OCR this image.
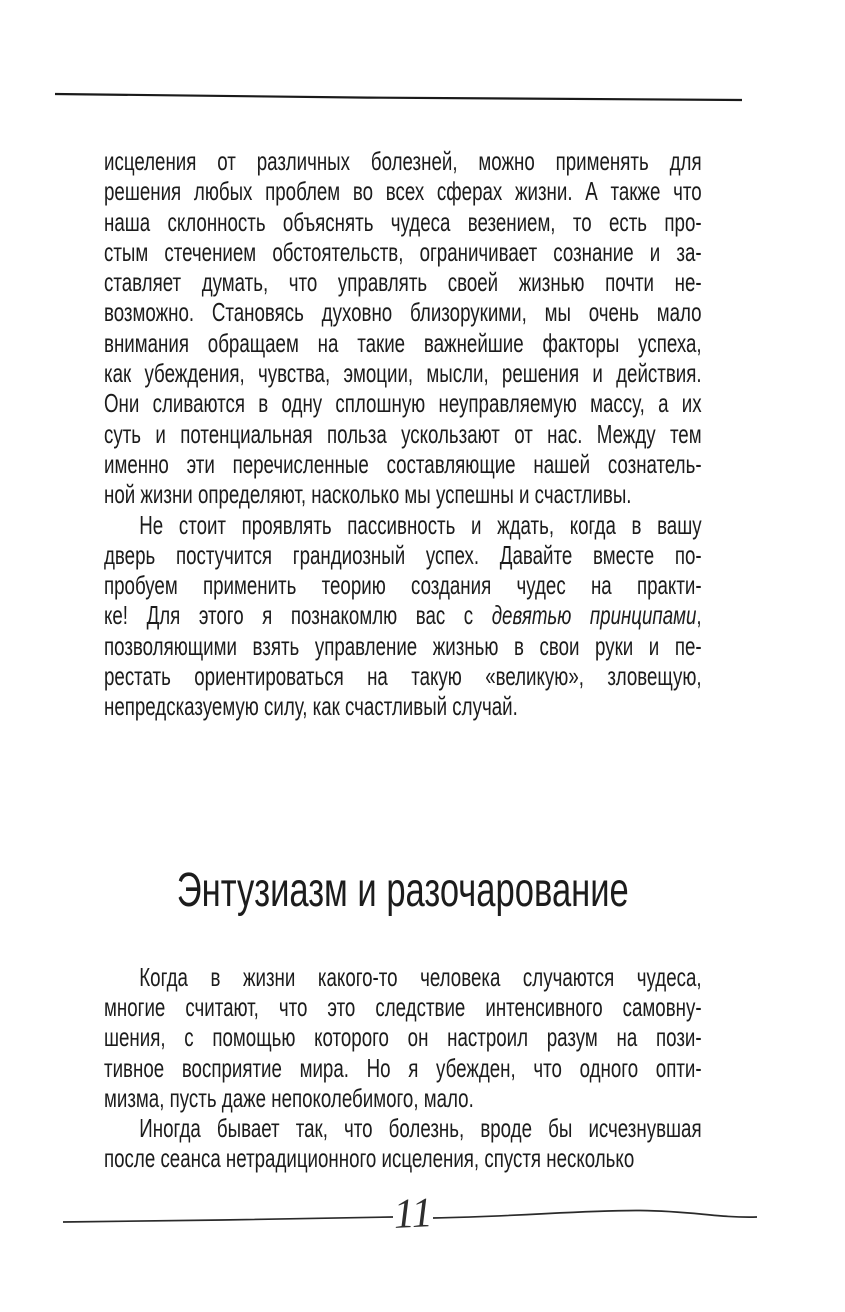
исцеления от различных болезней, можно применять для
решения любых проблем во всех сферах жизни. А также что
наша склонность объяснять чудеса везением, то есть про-
стым стечением обстоятельств, ограничивает сознание и за-
ставляет думать, что управлять своей жизнью почти не-
возможно. Становясь духовно близорукими, мы очень мало
внимания обращаем на такие важнейшие факторы успеха,
как убеждения, чувства, эмоции, мысли, решения и действия.
Они сливаются в одну сплошную неуправляемую массу, а их
суть и потенциальная польза ускользают от нас. Между тем
именно эти перечисленные составляющие нашей сознатель-
ной жизни определяют, насколько мы успешны и счастливы.
Не стоит проявлять пассивность и ждать, когда в вашу
дверь постучится грандиозный успех. Давайте вместе по-
пробуем применить теорию создания чудес на практи-
ке! Для этого я познакомлю вас с девятью принципами,
позволяющими взять управление жизнью в свои руки и пе-
рестать ориентироваться на такую «великую», зловещую,
непредсказуемую силу, как счастливый случай.
Энтузиазм и разочарование
Когда в жизни какого-то человека случаются чудеса,
многие считают, что это следствие интенсивного самовну-
шения, с помощью которого он настроил разум на пози-
тивное восприятие мира. Но я убежден, что одного опти-
мизма, пусть даже непоколебимого, мало.
Иногда бывает так, что болезнь, вроде бы исчезнувшая
после сеанса нетрадиционного исцеления, спустя несколько
11
